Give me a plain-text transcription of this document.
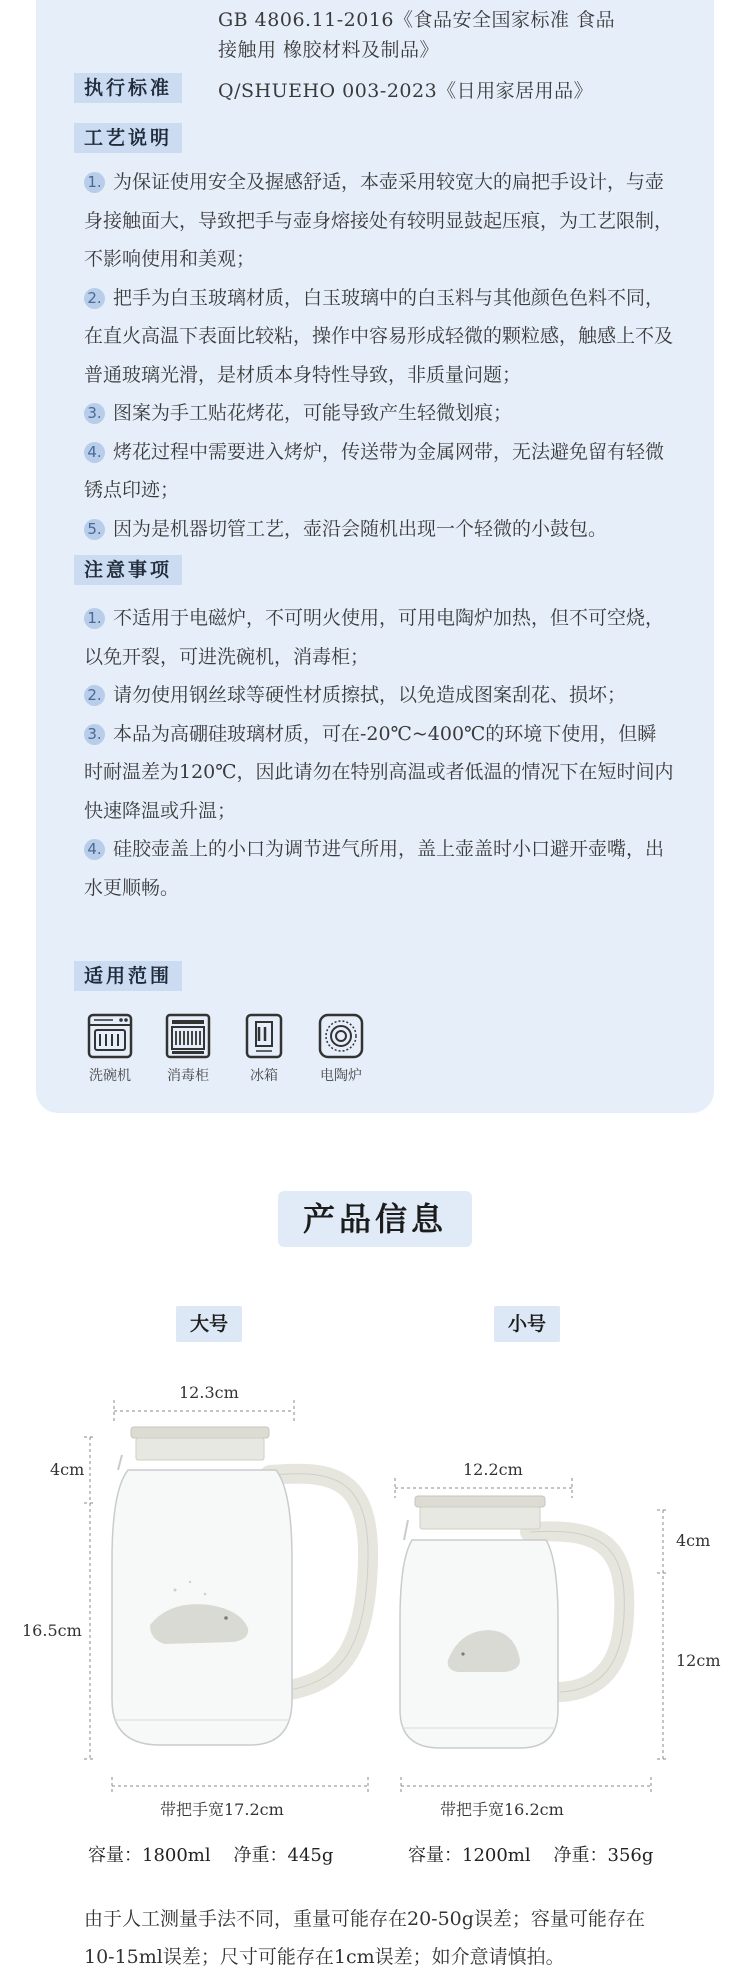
GB 4806.11-2016《食品安全国家标准 食品
接触用 橡胶材料及制品》
执行标准	Q/SHUEHO 003-2023《日用家居用品》
工艺说明

1. 为保证使用安全及握感舒适，本壶采用较宽大的扁把手设计，与壶身接触面大，导致把手与壶身熔接处有较明显鼓起压痕，为工艺限制，不影响使用和美观；
2. 把手为白玉玻璃材质，白玉玻璃中的白玉料与其他颜色色料不同，在直火高温下表面比较粘，操作中容易形成轻微的颗粒感，触感上不及普通玻璃光滑，是材质本身特性导致，非质量问题；
3. 图案为手工贴花烤花，可能导致产生轻微划痕；
4. 烤花过程中需要进入烤炉，传送带为金属网带，无法避免留有轻微锈点印迹；
5. 因为是机器切管工艺，壶沿会随机出现一个轻微的小鼓包。

注意事项

1. 不适用于电磁炉，不可明火使用，可用电陶炉加热，但不可空烧，以免开裂，可进洗碗机，消毒柜；
2. 请勿使用钢丝球等硬性材质擦拭，以免造成图案刮花、损坏；
3. 本品为高硼硅玻璃材质，可在-20℃~400℃的环境下使用，但瞬时耐温差为120℃，因此请勿在特别高温或者低温的情况下在短时间内快速降温或升温；
4. 硅胶壶盖上的小口为调节进气所用，盖上壶盖时小口避开壶嘴，出水更顺畅。

适用范围
洗碗机	消毒柜	冰箱	电陶炉
产品信息
大号	小号
12.3cm
4cm
16.5cm
带把手宽17.2cm
12.2cm
4cm
12cm
带把手宽16.2cm
容量：1800ml 净重：445g	容量：1200ml 净重：356g

由于人工测量手法不同，重量可能存在20-50g误差；容量可能存在10-15ml误差；尺寸可能存在1cm误差；如介意请慎拍。
